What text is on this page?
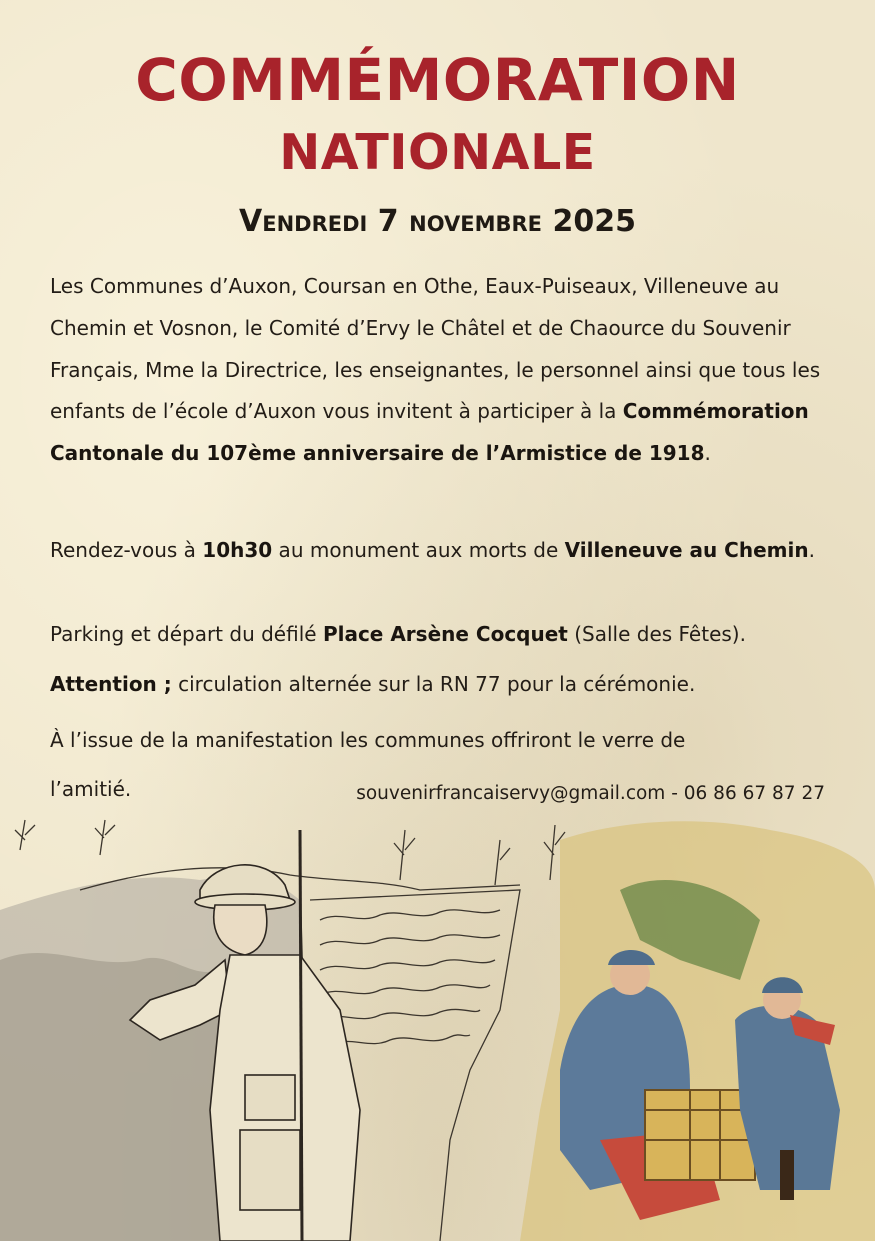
COMMÉMORATION
NATIONALE
Vendredi 7 novembre 2025

Les Communes d’Auxon, Coursan en Othe, Eaux-Puiseaux, Villeneuve au Chemin et Vosnon, le Comité d’Ervy le Châtel et de Chaource du Souvenir Français, Mme la Directrice, les enseignantes, le personnel ainsi que tous les enfants de l’école d’Auxon vous invitent à participer à la Commémoration Cantonale du 107ème anniversaire de l’Armistice de 1918.

Rendez-vous à 10h30 au monument aux morts de Villeneuve au Chemin.

Parking et départ du défilé Place Arsène Cocquet (Salle des Fêtes).

Attention ; circulation alternée sur la RN 77 pour la cérémonie.

À l’issue de la manifestation les communes offriront le verre de l’amitié.	souvenirfrancaiservy@gmail.com - 06 86 67 87 27
